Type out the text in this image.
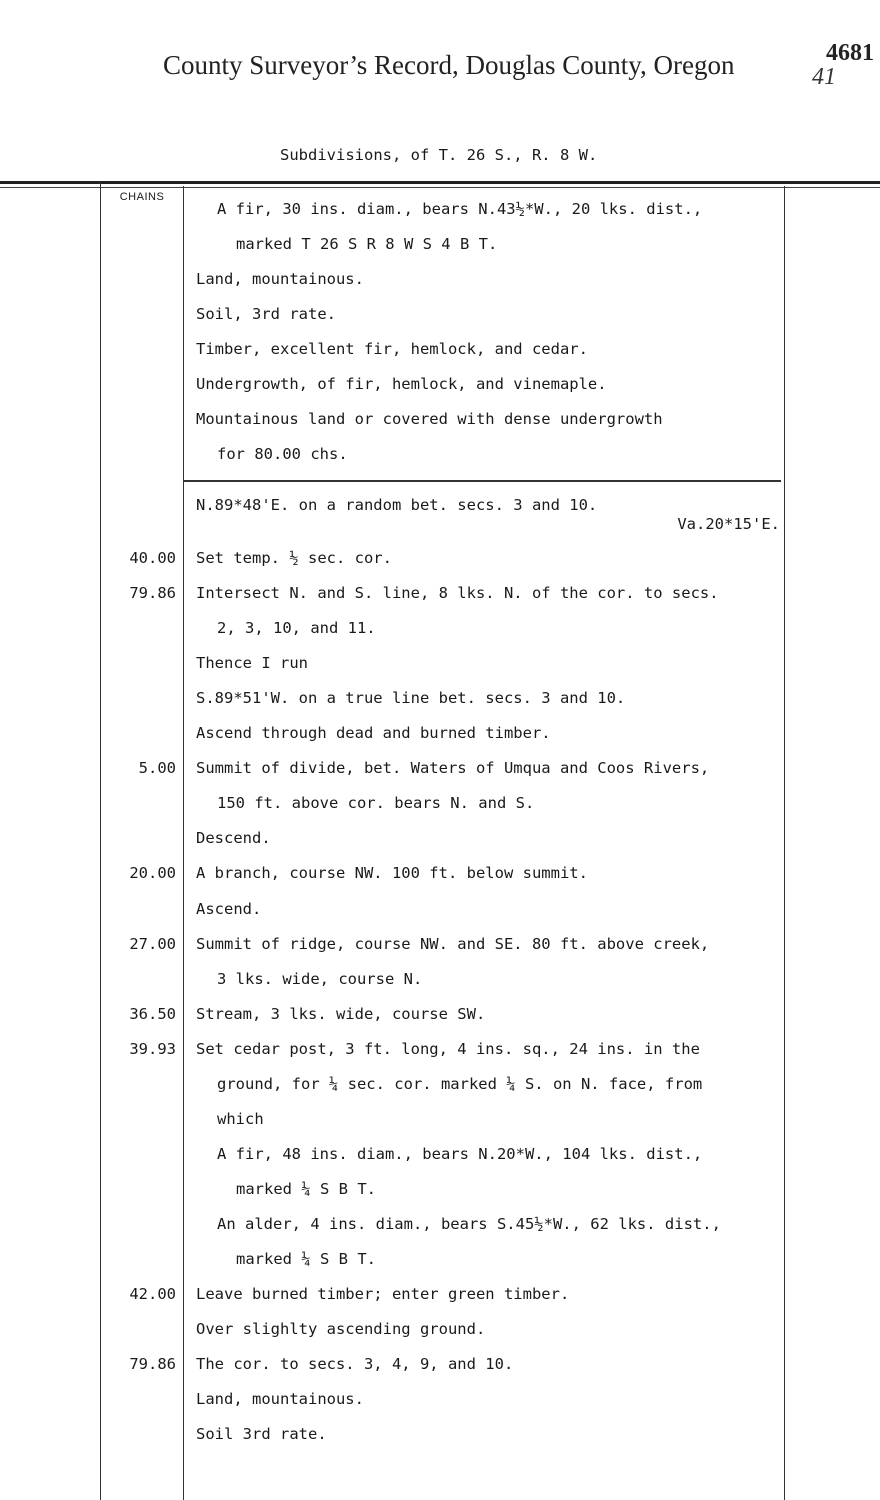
County Surveyor’s Record, Douglas County, Oregon	4681
41
Subdivisions, of T. 26 S., R. 8 W.
CHAINS
A fir, 30 ins. diam., bears N.43½*W., 20 lks. dist.,
marked T 26 S R 8 W S 4 B T.
Land, mountainous.
Soil, 3rd rate.
Timber, excellent fir, hemlock, and cedar.
Undergrowth, of fir, hemlock, and vinemaple.
Mountainous land or covered with dense undergrowth
for 80.00 chs.
N.89*48'E. on a random bet. secs. 3 and 10.
Va.20*15'E.
40.00 Set temp. ½ sec. cor.
79.86 Intersect N. and S. line, 8 lks. N. of the cor. to secs.
2, 3, 10, and 11.
Thence I run
S.89*51'W. on a true line bet. secs. 3 and 10.
Ascend through dead and burned timber.
5.00 Summit of divide, bet. Waters of Umqua and Coos Rivers,
150 ft. above cor. bears N. and S.
Descend.
20.00 A branch, course NW. 100 ft. below summit.
Ascend.
27.00 Summit of ridge, course NW. and SE. 80 ft. above creek,
3 lks. wide, course N.
36.50 Stream, 3 lks. wide, course SW.
39.93 Set cedar post, 3 ft. long, 4 ins. sq., 24 ins. in the
ground, for ¼ sec. cor. marked ¼ S. on N. face, from
which
A fir, 48 ins. diam., bears N.20*W., 104 lks. dist.,
marked ¼ S B T.
An alder, 4 ins. diam., bears S.45½*W., 62 lks. dist.,
marked ¼ S B T.
42.00 Leave burned timber; enter green timber.
Over slighlty ascending ground.
79.86 The cor. to secs. 3, 4, 9, and 10.
Land, mountainous.
Soil 3rd rate.
